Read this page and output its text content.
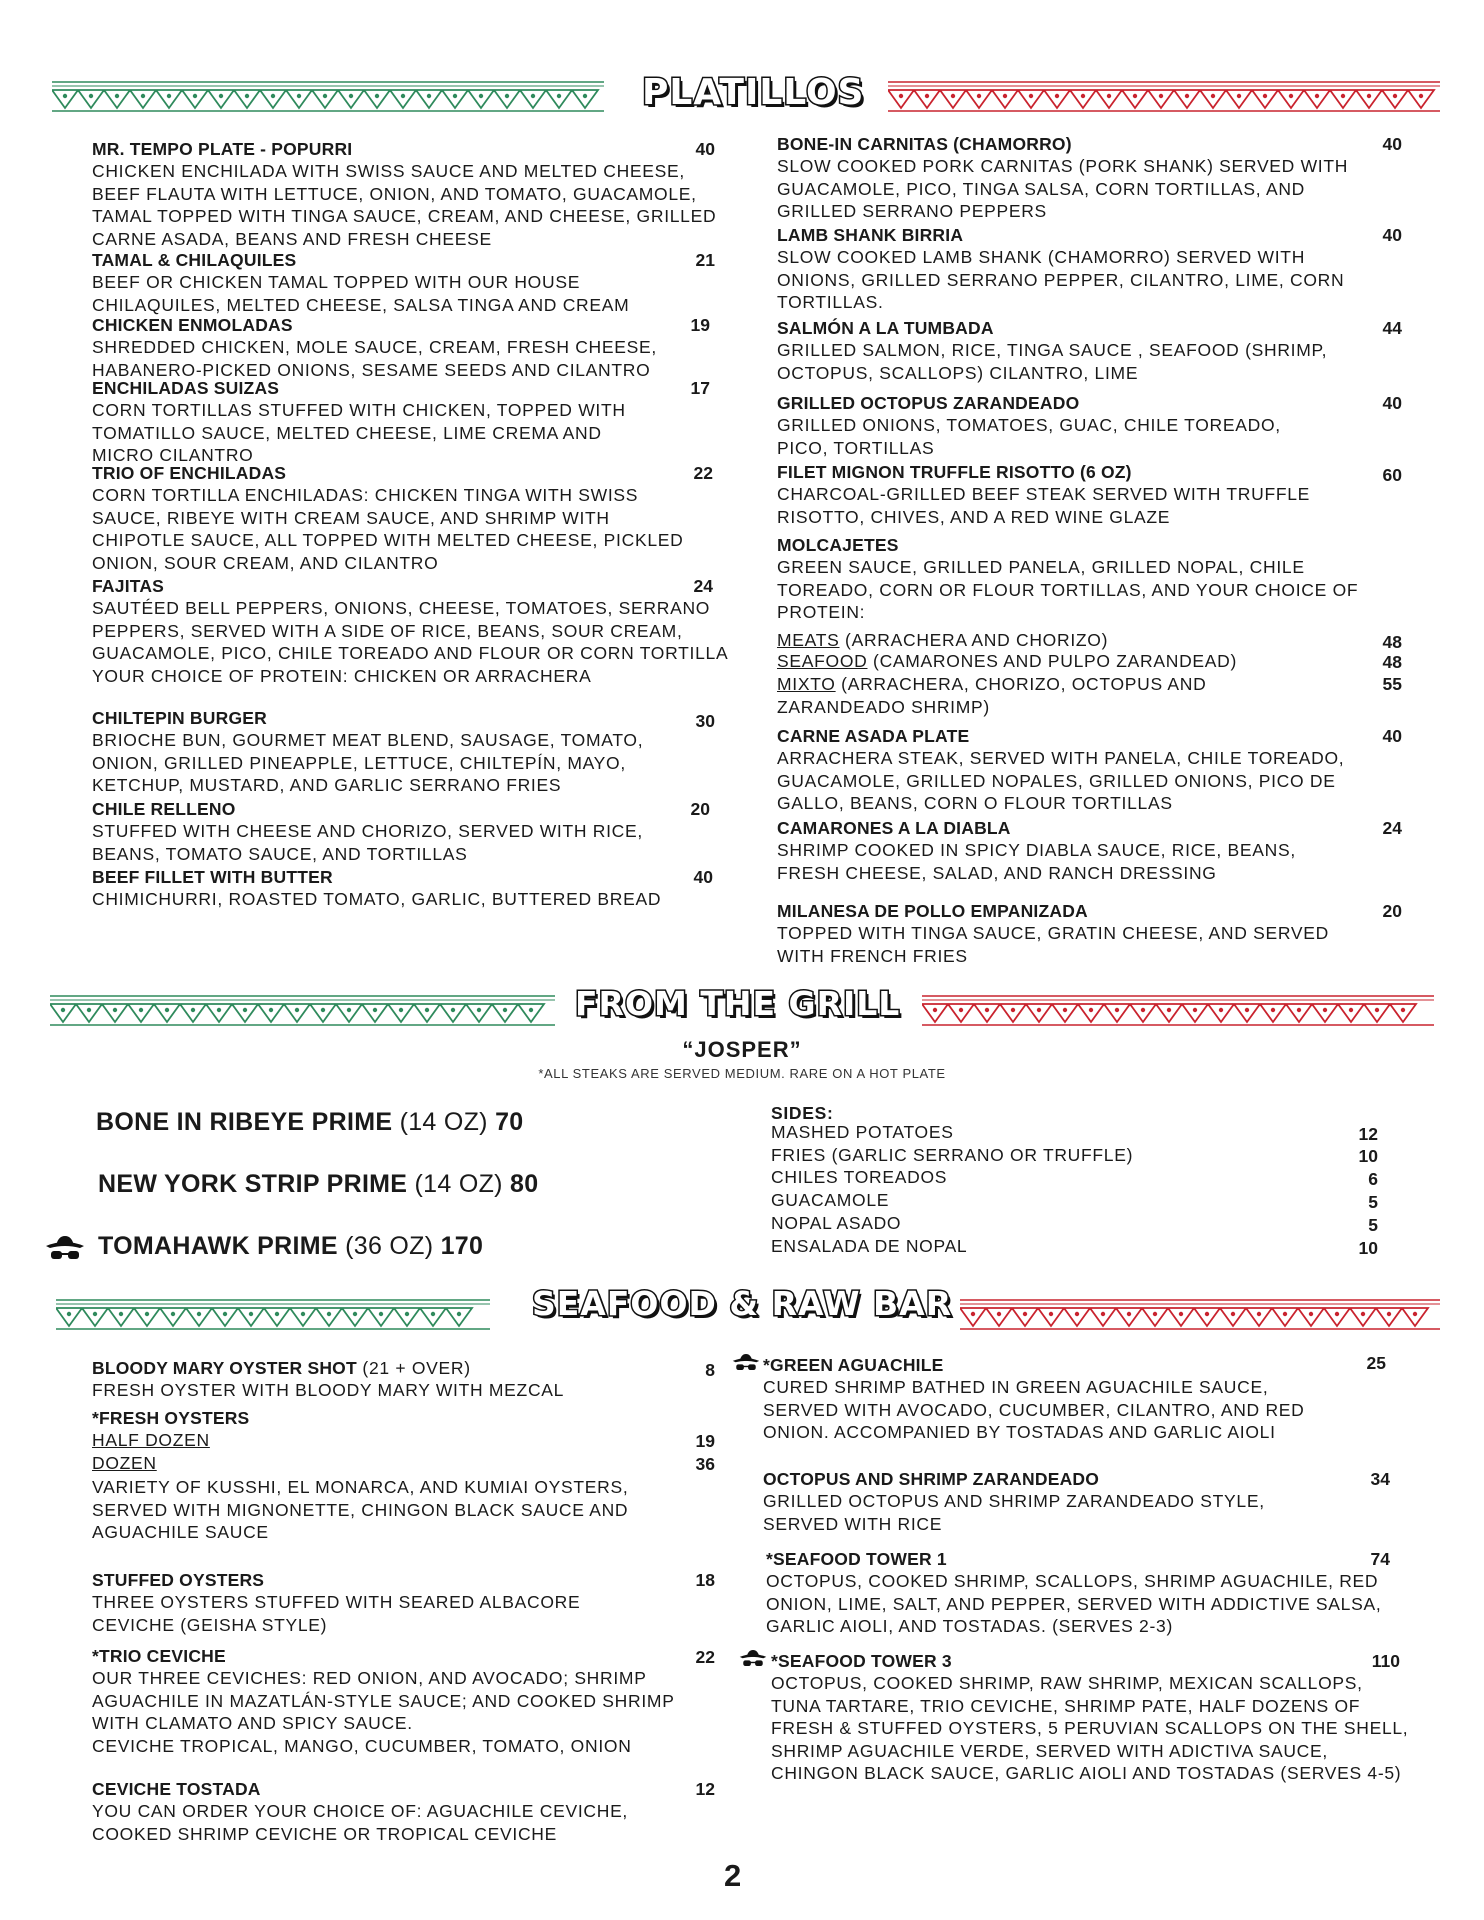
PLATILLOS
MR. TEMPO PLATE - POPURRI
CHICKEN ENCHILADA WITH SWISS SAUCE AND MELTED CHEESE, BEEF FLAUTA WITH LETTUCE, ONION, AND TOMATO, GUACAMOLE, TAMAL TOPPED WITH TINGA SAUCE, CREAM, AND CHEESE, GRILLED CARNE ASADA, BEANS AND FRESH CHEESE
40
TAMAL & CHILAQUILES
BEEF OR CHICKEN TAMAL TOPPED WITH OUR HOUSE CHILAQUILES, MELTED CHEESE, SALSA TINGA AND CREAM
21
CHICKEN ENMOLADAS
SHREDDED CHICKEN, MOLE SAUCE, CREAM, FRESH CHEESE, HABANERO-PICKED ONIONS, SESAME SEEDS AND CILANTRO
19
ENCHILADAS SUIZAS
CORN TORTILLAS STUFFED WITH CHICKEN, TOPPED WITH TOMATILLO SAUCE, MELTED CHEESE, LIME CREMA AND MICRO CILANTRO
17
TRIO OF ENCHILADAS
CORN TORTILLA ENCHILADAS: CHICKEN TINGA WITH SWISS SAUCE, RIBEYE WITH CREAM SAUCE, AND SHRIMP WITH CHIPOTLE SAUCE, ALL TOPPED WITH MELTED CHEESE, PICKLED ONION, SOUR CREAM, AND CILANTRO
22
FAJITAS
SAUTÉED BELL PEPPERS, ONIONS, CHEESE, TOMATOES, SERRANO PEPPERS, SERVED WITH A SIDE OF RICE, BEANS, SOUR CREAM, GUACAMOLE, PICO, CHILE TOREADO AND FLOUR OR CORN TORTILLA YOUR CHOICE OF PROTEIN: CHICKEN OR ARRACHERA
24
CHILTEPIN BURGER
BRIOCHE BUN, GOURMET MEAT BLEND, SAUSAGE, TOMATO, ONION, GRILLED PINEAPPLE, LETTUCE, CHILTEPÍN, MAYO, KETCHUP, MUSTARD, AND GARLIC SERRANO FRIES
30
CHILE RELLENO
STUFFED WITH CHEESE AND CHORIZO, SERVED WITH RICE, BEANS, TOMATO SAUCE, AND TORTILLAS
20
BEEF FILLET WITH BUTTER
CHIMICHURRI, ROASTED TOMATO, GARLIC, BUTTERED BREAD
40
BONE-IN CARNITAS (CHAMORRO)
SLOW COOKED PORK CARNITAS (PORK SHANK) SERVED WITH GUACAMOLE, PICO, TINGA SALSA, CORN TORTILLAS, AND GRILLED SERRANO PEPPERS
40
LAMB SHANK BIRRIA
SLOW COOKED LAMB SHANK (CHAMORRO) SERVED WITH ONIONS, GRILLED SERRANO PEPPER, CILANTRO, LIME, CORN TORTILLAS.
40
SALMÓN A LA TUMBADA
GRILLED SALMON, RICE, TINGA SAUCE , SEAFOOD (SHRIMP, OCTOPUS, SCALLOPS) CILANTRO, LIME
44
GRILLED OCTOPUS ZARANDEADO
GRILLED ONIONS, TOMATOES, GUAC, CHILE TOREADO, PICO, TORTILLAS
40
FILET MIGNON TRUFFLE RISOTTO (6 OZ)
CHARCOAL-GRILLED BEEF STEAK SERVED WITH TRUFFLE RISOTTO, CHIVES, AND A RED WINE GLAZE
60
MOLCAJETES
GREEN SAUCE, GRILLED PANELA, GRILLED NOPAL, CHILE TOREADO, CORN OR FLOUR TORTILLAS, AND YOUR CHOICE OF PROTEIN:
MEATS (ARRACHERA AND CHORIZO)	48
SEAFOOD (CAMARONES AND PULPO ZARANDEAD)	48
MIXTO (ARRACHERA, CHORIZO, OCTOPUS AND ZARANDEADO SHRIMP)
55
CARNE ASADA PLATE
ARRACHERA STEAK, SERVED WITH PANELA, CHILE TOREADO, GUACAMOLE, GRILLED NOPALES, GRILLED ONIONS, PICO DE GALLO, BEANS, CORN O FLOUR TORTILLAS
40
CAMARONES A LA DIABLA
SHRIMP COOKED IN SPICY DIABLA SAUCE, RICE, BEANS, FRESH CHEESE, SALAD, AND RANCH DRESSING
24
MILANESA DE POLLO EMPANIZADA
TOPPED WITH TINGA SAUCE, GRATIN CHEESE, AND SERVED WITH FRENCH FRIES
20
FROM THE GRILL
“JOSPER”
*ALL STEAKS ARE SERVED MEDIUM. RARE ON A HOT PLATE
BONE IN RIBEYE PRIME (14 OZ) 70
NEW YORK STRIP PRIME (14 OZ) 80
TOMAHAWK PRIME (36 OZ) 170
SIDES:
MASHED POTATOES	12
FRIES (GARLIC SERRANO OR TRUFFLE)	10
CHILES TOREADOS	6
GUACAMOLE	5
NOPAL ASADO	5
ENSALADA DE NOPAL	10
SEAFOOD & RAW BAR
BLOODY MARY OYSTER SHOT (21 + OVER)
FRESH OYSTER WITH BLOODY MARY WITH MEZCAL
8
*FRESH OYSTERS
HALF DOZEN	19
DOZEN	36
VARIETY OF KUSSHI, EL MONARCA, AND KUMIAI OYSTERS, SERVED WITH MIGNONETTE, CHINGON BLACK SAUCE AND AGUACHILE SAUCE
STUFFED OYSTERS
THREE OYSTERS STUFFED WITH SEARED ALBACORE CEVICHE (GEISHA STYLE)
18
*TRIO CEVICHE
OUR THREE CEVICHES: RED ONION, AND AVOCADO; SHRIMP AGUACHILE IN MAZATLÁN-STYLE SAUCE; AND COOKED SHRIMP WITH CLAMATO AND SPICY SAUCE.
CEVICHE TROPICAL, MANGO, CUCUMBER, TOMATO, ONION
22
CEVICHE TOSTADA
YOU CAN ORDER YOUR CHOICE OF: AGUACHILE CEVICHE, COOKED SHRIMP CEVICHE OR TROPICAL CEVICHE
12
*GREEN AGUACHILE
CURED SHRIMP BATHED IN GREEN AGUACHILE SAUCE, SERVED WITH AVOCADO, CUCUMBER, CILANTRO, AND RED ONION. ACCOMPANIED BY TOSTADAS AND GARLIC AIOLI
25
OCTOPUS AND SHRIMP ZARANDEADO
GRILLED OCTOPUS AND SHRIMP ZARANDEADO STYLE, SERVED WITH RICE
34
*SEAFOOD TOWER 1
OCTOPUS, COOKED SHRIMP, SCALLOPS, SHRIMP AGUACHILE, RED ONION, LIME, SALT, AND PEPPER, SERVED WITH ADDICTIVE SALSA, GARLIC AIOLI, AND TOSTADAS. (SERVES 2-3)
74
*SEAFOOD TOWER 3
OCTOPUS, COOKED SHRIMP, RAW SHRIMP, MEXICAN SCALLOPS, TUNA TARTARE, TRIO CEVICHE, SHRIMP PATE, HALF DOZENS OF FRESH & STUFFED OYSTERS, 5 PERUVIAN SCALLOPS ON THE SHELL, SHRIMP AGUACHILE VERDE, SERVED WITH ADICTIVA SAUCE, CHINGON BLACK SAUCE, GARLIC AIOLI AND TOSTADAS (SERVES 4-5)
110
2
